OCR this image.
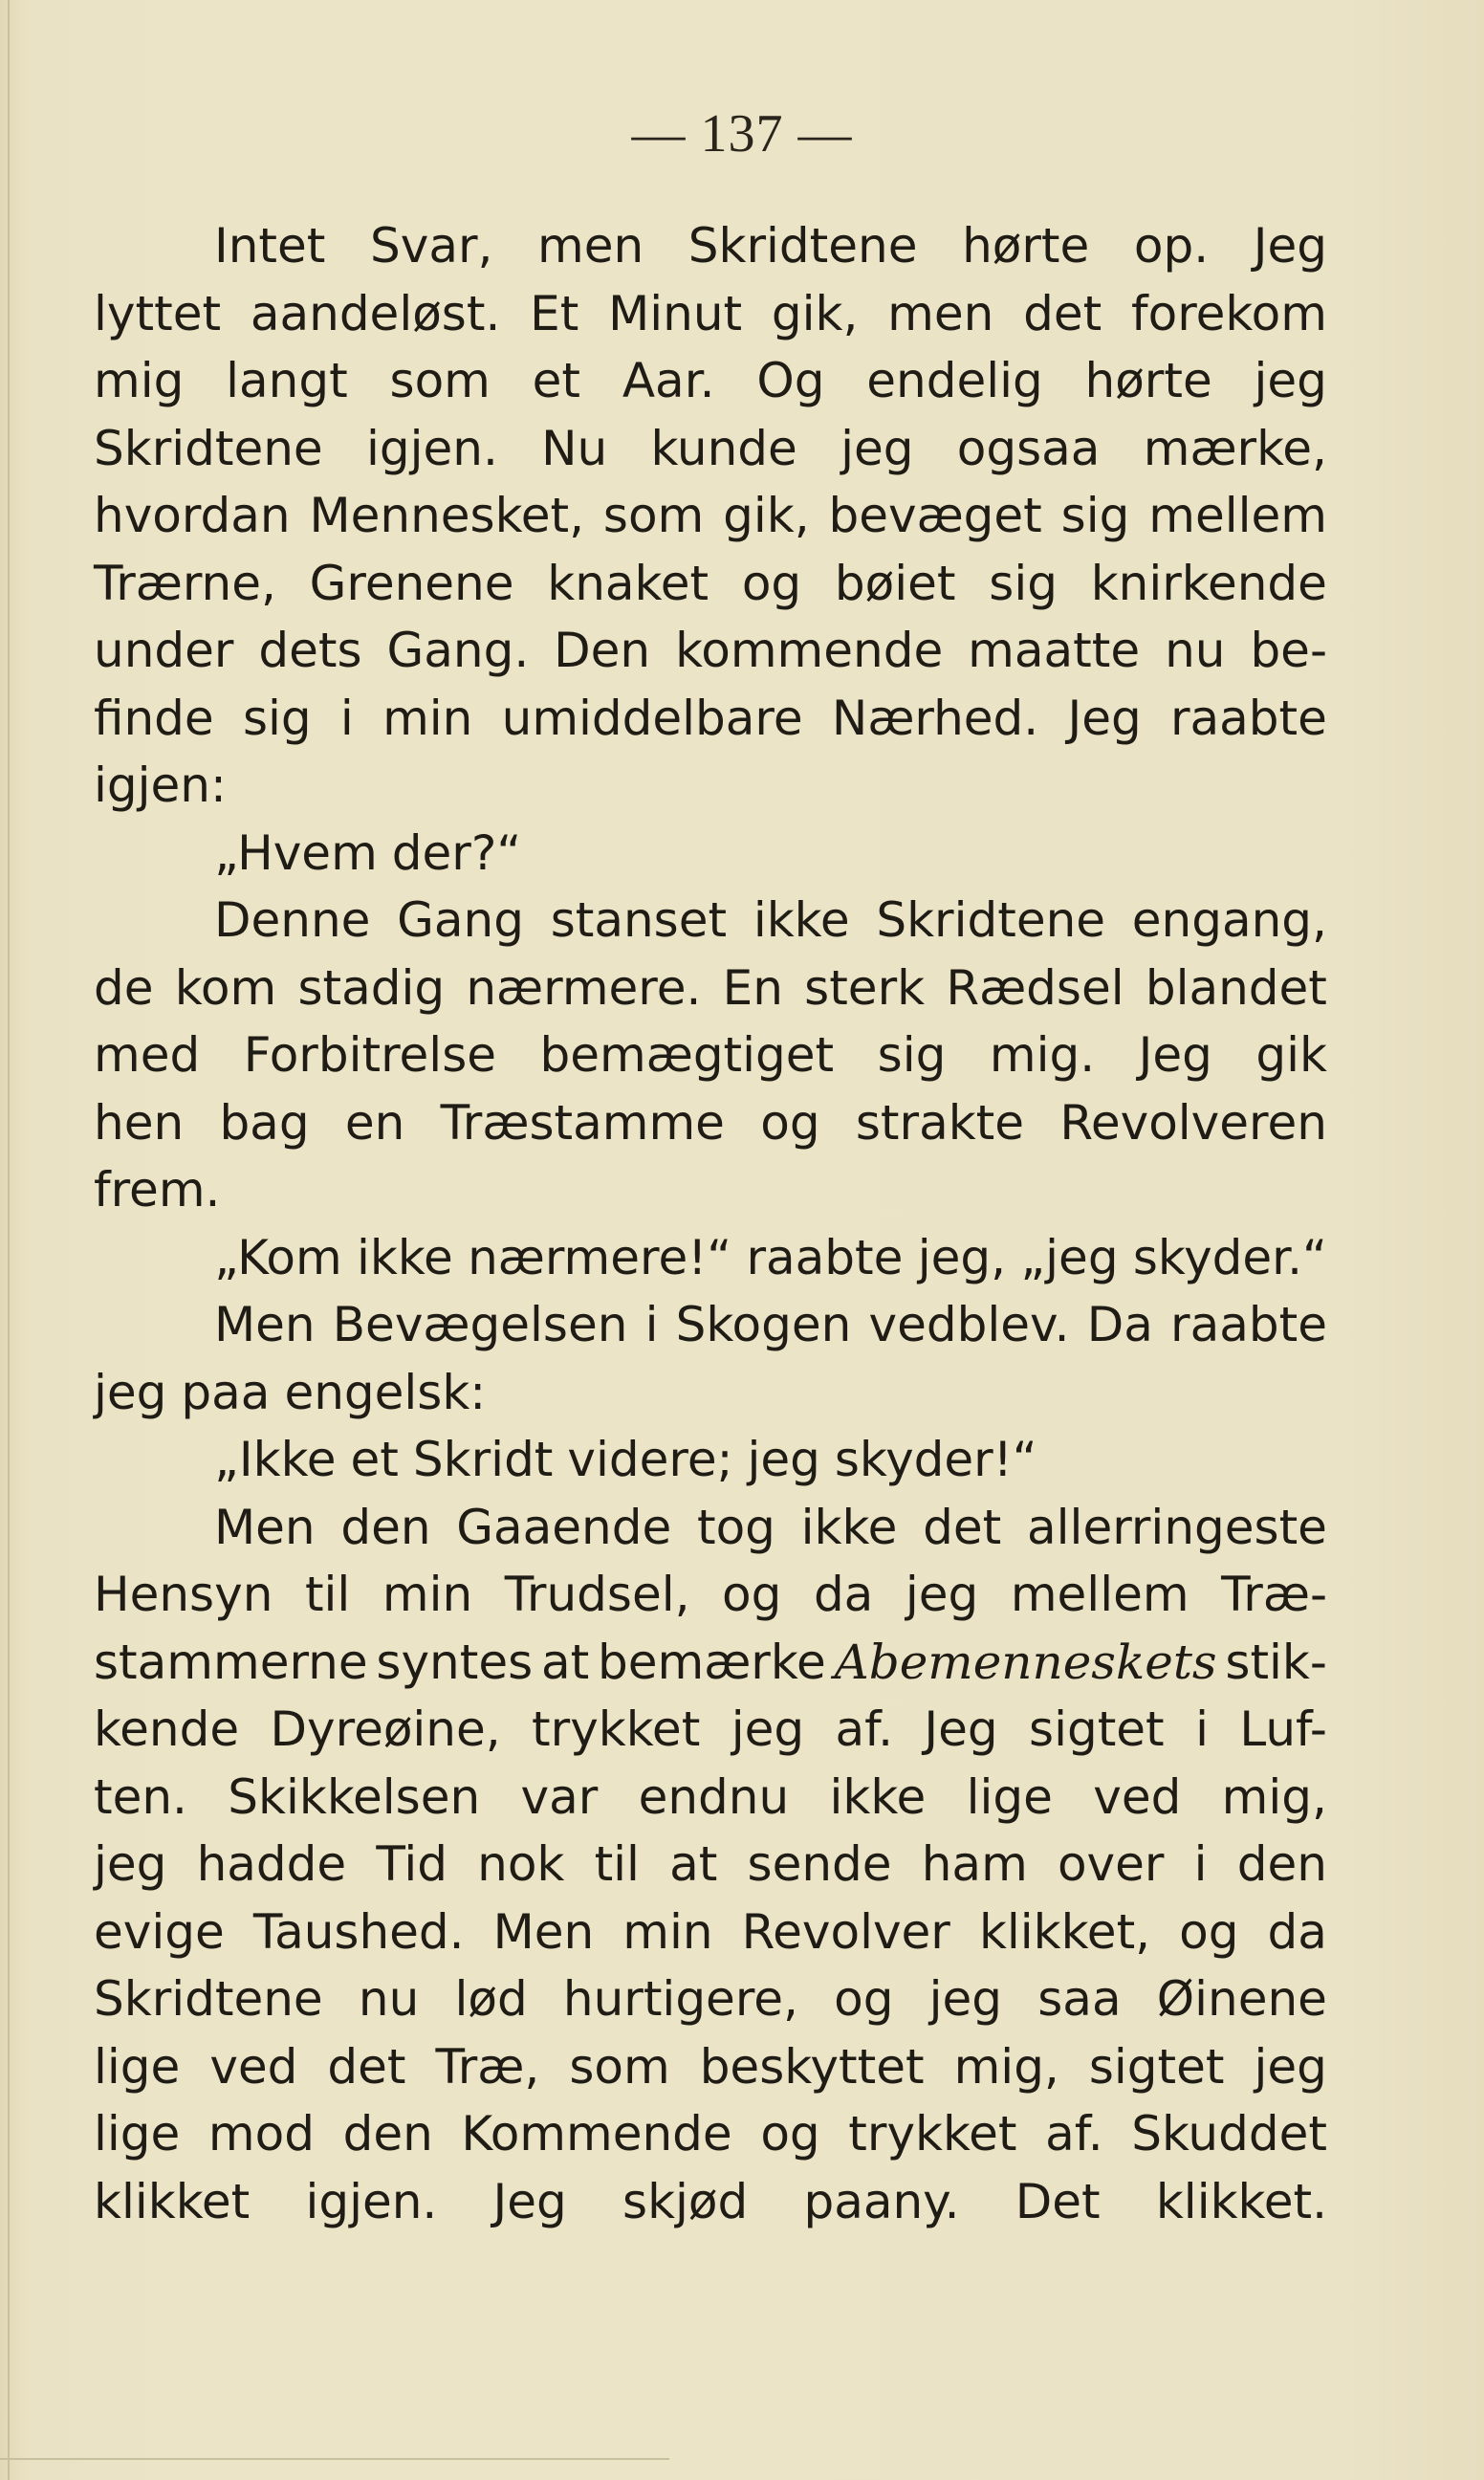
— 137 —
Intet Svar, men Skridtene hørte op. Jeg
lyttet aandeløst. Et Minut gik, men det forekom
mig langt som et Aar. Og endelig hørte jeg
Skridtene igjen. Nu kunde jeg ogsaa mærke,
hvordan Mennesket, som gik, bevæget sig mellem
Trærne, Grenene knaket og bøiet sig knirkende
under dets Gang. Den kommende maatte nu be-
finde sig i min umiddelbare Nærhed. Jeg raabte
igjen:
„Hvem der?“
Denne Gang stanset ikke Skridtene engang,
de kom stadig nærmere. En sterk Rædsel blandet
med Forbitrelse bemægtiget sig mig. Jeg gik
hen bag en Træstamme og strakte Revolveren
frem.
„Kom ikke nærmere!“ raabte jeg, „jeg skyder.“
Men Bevægelsen i Skogen vedblev. Da raabte
jeg paa engelsk:
„Ikke et Skridt videre; jeg skyder!“
Men den Gaaende tog ikke det allerringeste
Hensyn til min Trudsel, og da jeg mellem Træ-
stammerne syntes at bemærke Abemenneskets stik-
kende Dyreøine, trykket jeg af. Jeg sigtet i Luf-
ten. Skikkelsen var endnu ikke lige ved mig,
jeg hadde Tid nok til at sende ham over i den
evige Taushed. Men min Revolver klikket, og da
Skridtene nu lød hurtigere, og jeg saa Øinene
lige ved det Træ, som beskyttet mig, sigtet jeg
lige mod den Kommende og trykket af. Skuddet
klikket igjen. Jeg skjød paany. Det klikket.
